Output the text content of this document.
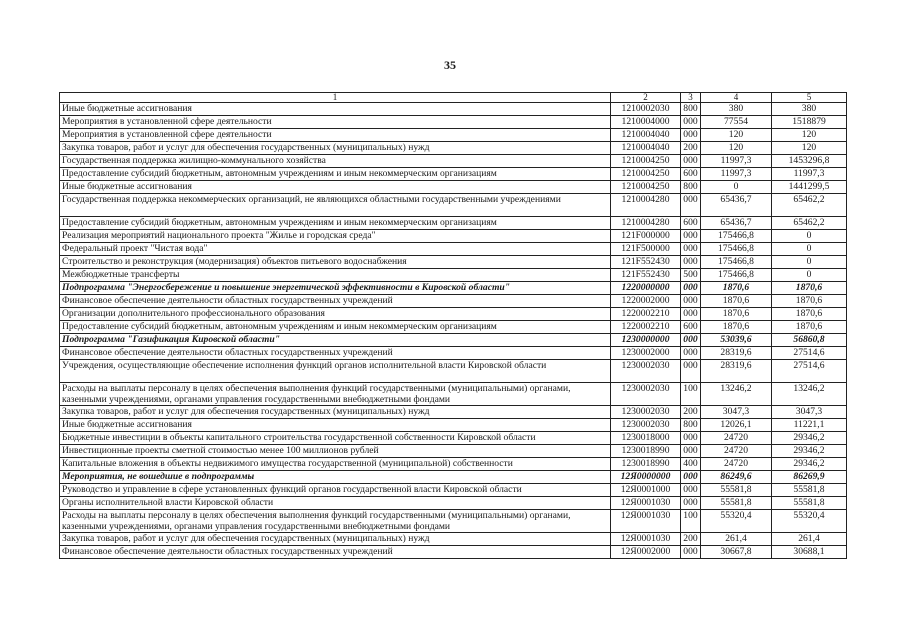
35
1	2	3	4	5
Иные бюджетные ассигнования	1210002030	800	380	380
Мероприятия в установленной сфере деятельности	1210004000	000	77554	1518879
Мероприятия в установленной сфере деятельности	1210004040	000	120	120
Закупка товаров, работ и услуг для обеспечения государственных (муниципальных) нужд	1210004040	200	120	120
Государственная поддержка жилищно-коммунального хозяйства	1210004250	000	11997,3	1453296,8
Предоставление субсидий бюджетным, автономным учреждениям и иным некоммерческим организациям	1210004250	600	11997,3	11997,3
Иные бюджетные ассигнования	1210004250	800	0	1441299,5
Государственная поддержка некоммерческих организаций, не являющихся областными государственными учреждениями	1210004280	000	65436,7	65462,2
Предоставление субсидий бюджетным, автономным учреждениям и иным некоммерческим организациям	1210004280	600	65436,7	65462,2
Реализация мероприятий национального проекта "Жилье и городская среда"	121F000000	000	175466,8	0
Федеральный проект "Чистая вода"	121F500000	000	175466,8	0
Строительство и реконструкция (модернизация) объектов питьевого водоснабжения	121F552430	000	175466,8	0
Межбюджетные трансферты	121F552430	500	175466,8	0
Подпрограмма "Энергосбережение и повышение энергетической эффективности в Кировской области"	1220000000	000	1870,6	1870,6
Финансовое обеспечение деятельности областных государственных учреждений	1220002000	000	1870,6	1870,6
Организации дополнительного профессионального образования	1220002210	000	1870,6	1870,6
Предоставление субсидий бюджетным, автономным учреждениям и иным некоммерческим организациям	1220002210	600	1870,6	1870,6
Подпрограмма "Газификация Кировской области"	1230000000	000	53039,6	56860,8
Финансовое обеспечение деятельности областных государственных учреждений	1230002000	000	28319,6	27514,6
Учреждения, осуществляющие обеспечение исполнения функций органов исполнительной власти Кировской области	1230002030	000	28319,6	27514,6
Расходы на выплаты персоналу в целях обеспечения выполнения функций государственными (муниципальными) органами, казенными учреждениями, органами управления государственными внебюджетными фондами	1230002030	100	13246,2	13246,2
Закупка товаров, работ и услуг для обеспечения государственных (муниципальных) нужд	1230002030	200	3047,3	3047,3
Иные бюджетные ассигнования	1230002030	800	12026,1	11221,1
Бюджетные инвестиции в объекты капитального строительства государственной собственности Кировской области	1230018000	000	24720	29346,2
Инвестиционные проекты сметной стоимостью менее 100 миллионов рублей	1230018990	000	24720	29346,2
Капитальные вложения в объекты недвижимого имущества государственной (муниципальной) собственности	1230018990	400	24720	29346,2
Мероприятия, не вошедшие в подпрограммы	12Я0000000	000	86249,6	86269,9
Руководство и управление в сфере установленных функций органов государственной власти Кировской области	12Я0001000	000	55581,8	55581,8
Органы исполнительной власти Кировской области	12Я0001030	000	55581,8	55581,8
Расходы на выплаты персоналу в целях обеспечения выполнения функций государственными (муниципальными) органами, казенными учреждениями, органами управления государственными внебюджетными фондами	12Я0001030	100	55320,4	55320,4
Закупка товаров, работ и услуг для обеспечения государственных (муниципальных) нужд	12Я0001030	200	261,4	261,4
Финансовое обеспечение деятельности областных государственных учреждений	12Я0002000	000	30667,8	30688,1
